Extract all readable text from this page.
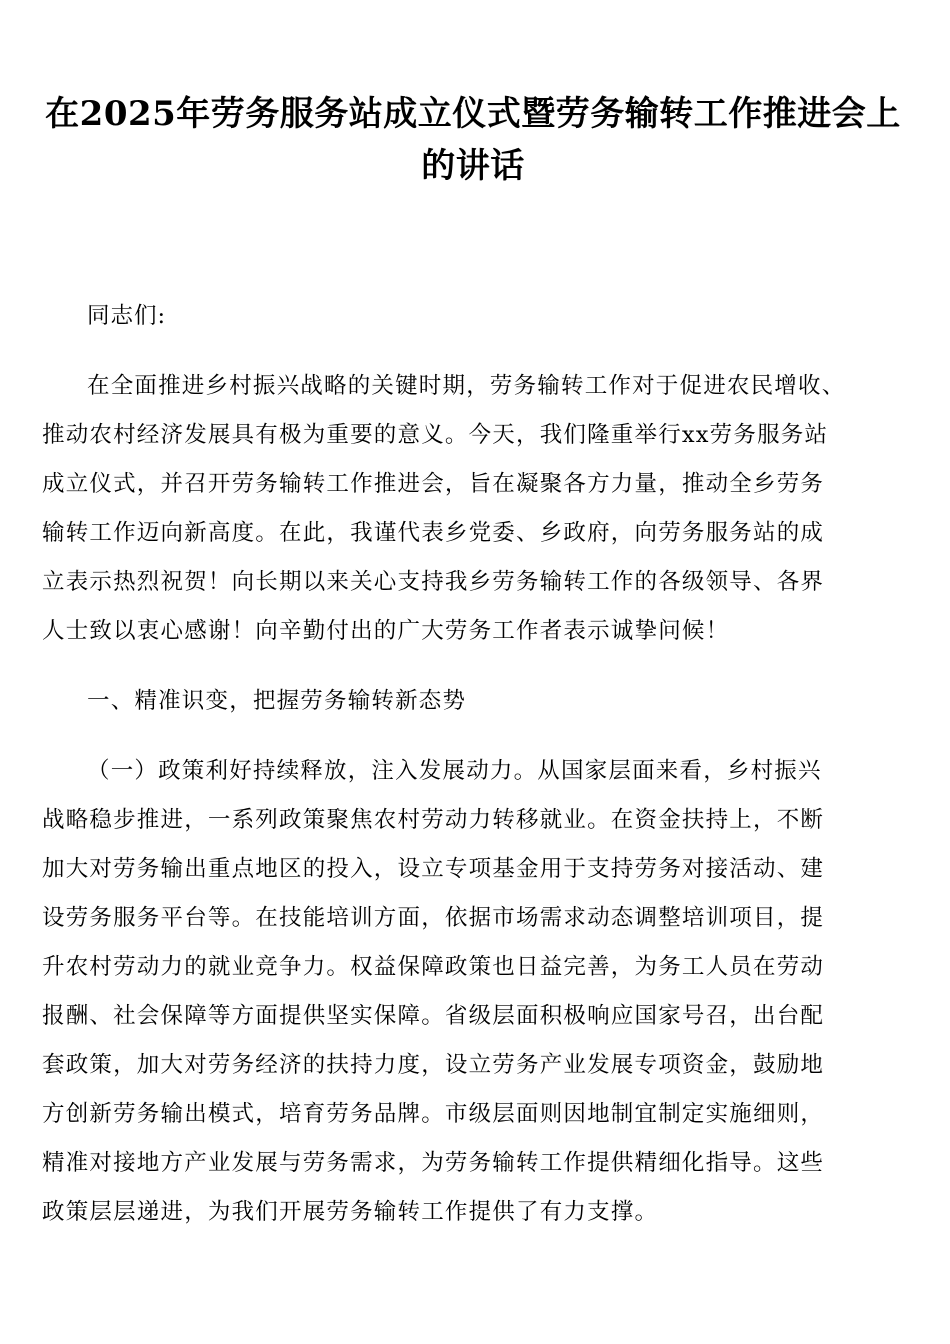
在2025年劳务服务站成立仪式暨劳务输转工作推进会上
的讲话

同志们:

在全面推进乡村振兴战略的关键时期，劳务输转工作对于促进农民增收、
推动农村经济发展具有极为重要的意义。今天，我们隆重举行xx劳务服务站
成立仪式，并召开劳务输转工作推进会，旨在凝聚各方力量，推动全乡劳务
输转工作迈向新高度。在此，我谨代表乡党委、乡政府，向劳务服务站的成
立表示热烈祝贺！向长期以来关心支持我乡劳务输转工作的各级领导、各界
人士致以衷心感谢！向辛勤付出的广大劳务工作者表示诚挚问候！

一、精准识变，把握劳务输转新态势

（一）政策利好持续释放，注入发展动力。从国家层面来看，乡村振兴
战略稳步推进，一系列政策聚焦农村劳动力转移就业。在资金扶持上，不断
加大对劳务输出重点地区的投入，设立专项基金用于支持劳务对接活动、建
设劳务服务平台等。在技能培训方面，依据市场需求动态调整培训项目，提
升农村劳动力的就业竞争力。权益保障政策也日益完善，为务工人员在劳动
报酬、社会保障等方面提供坚实保障。省级层面积极响应国家号召，出台配
套政策，加大对劳务经济的扶持力度，设立劳务产业发展专项资金，鼓励地
方创新劳务输出模式，培育劳务品牌。市级层面则因地制宜制定实施细则，
精准对接地方产业发展与劳务需求，为劳务输转工作提供精细化指导。这些
政策层层递进，为我们开展劳务输转工作提供了有力支撑。
